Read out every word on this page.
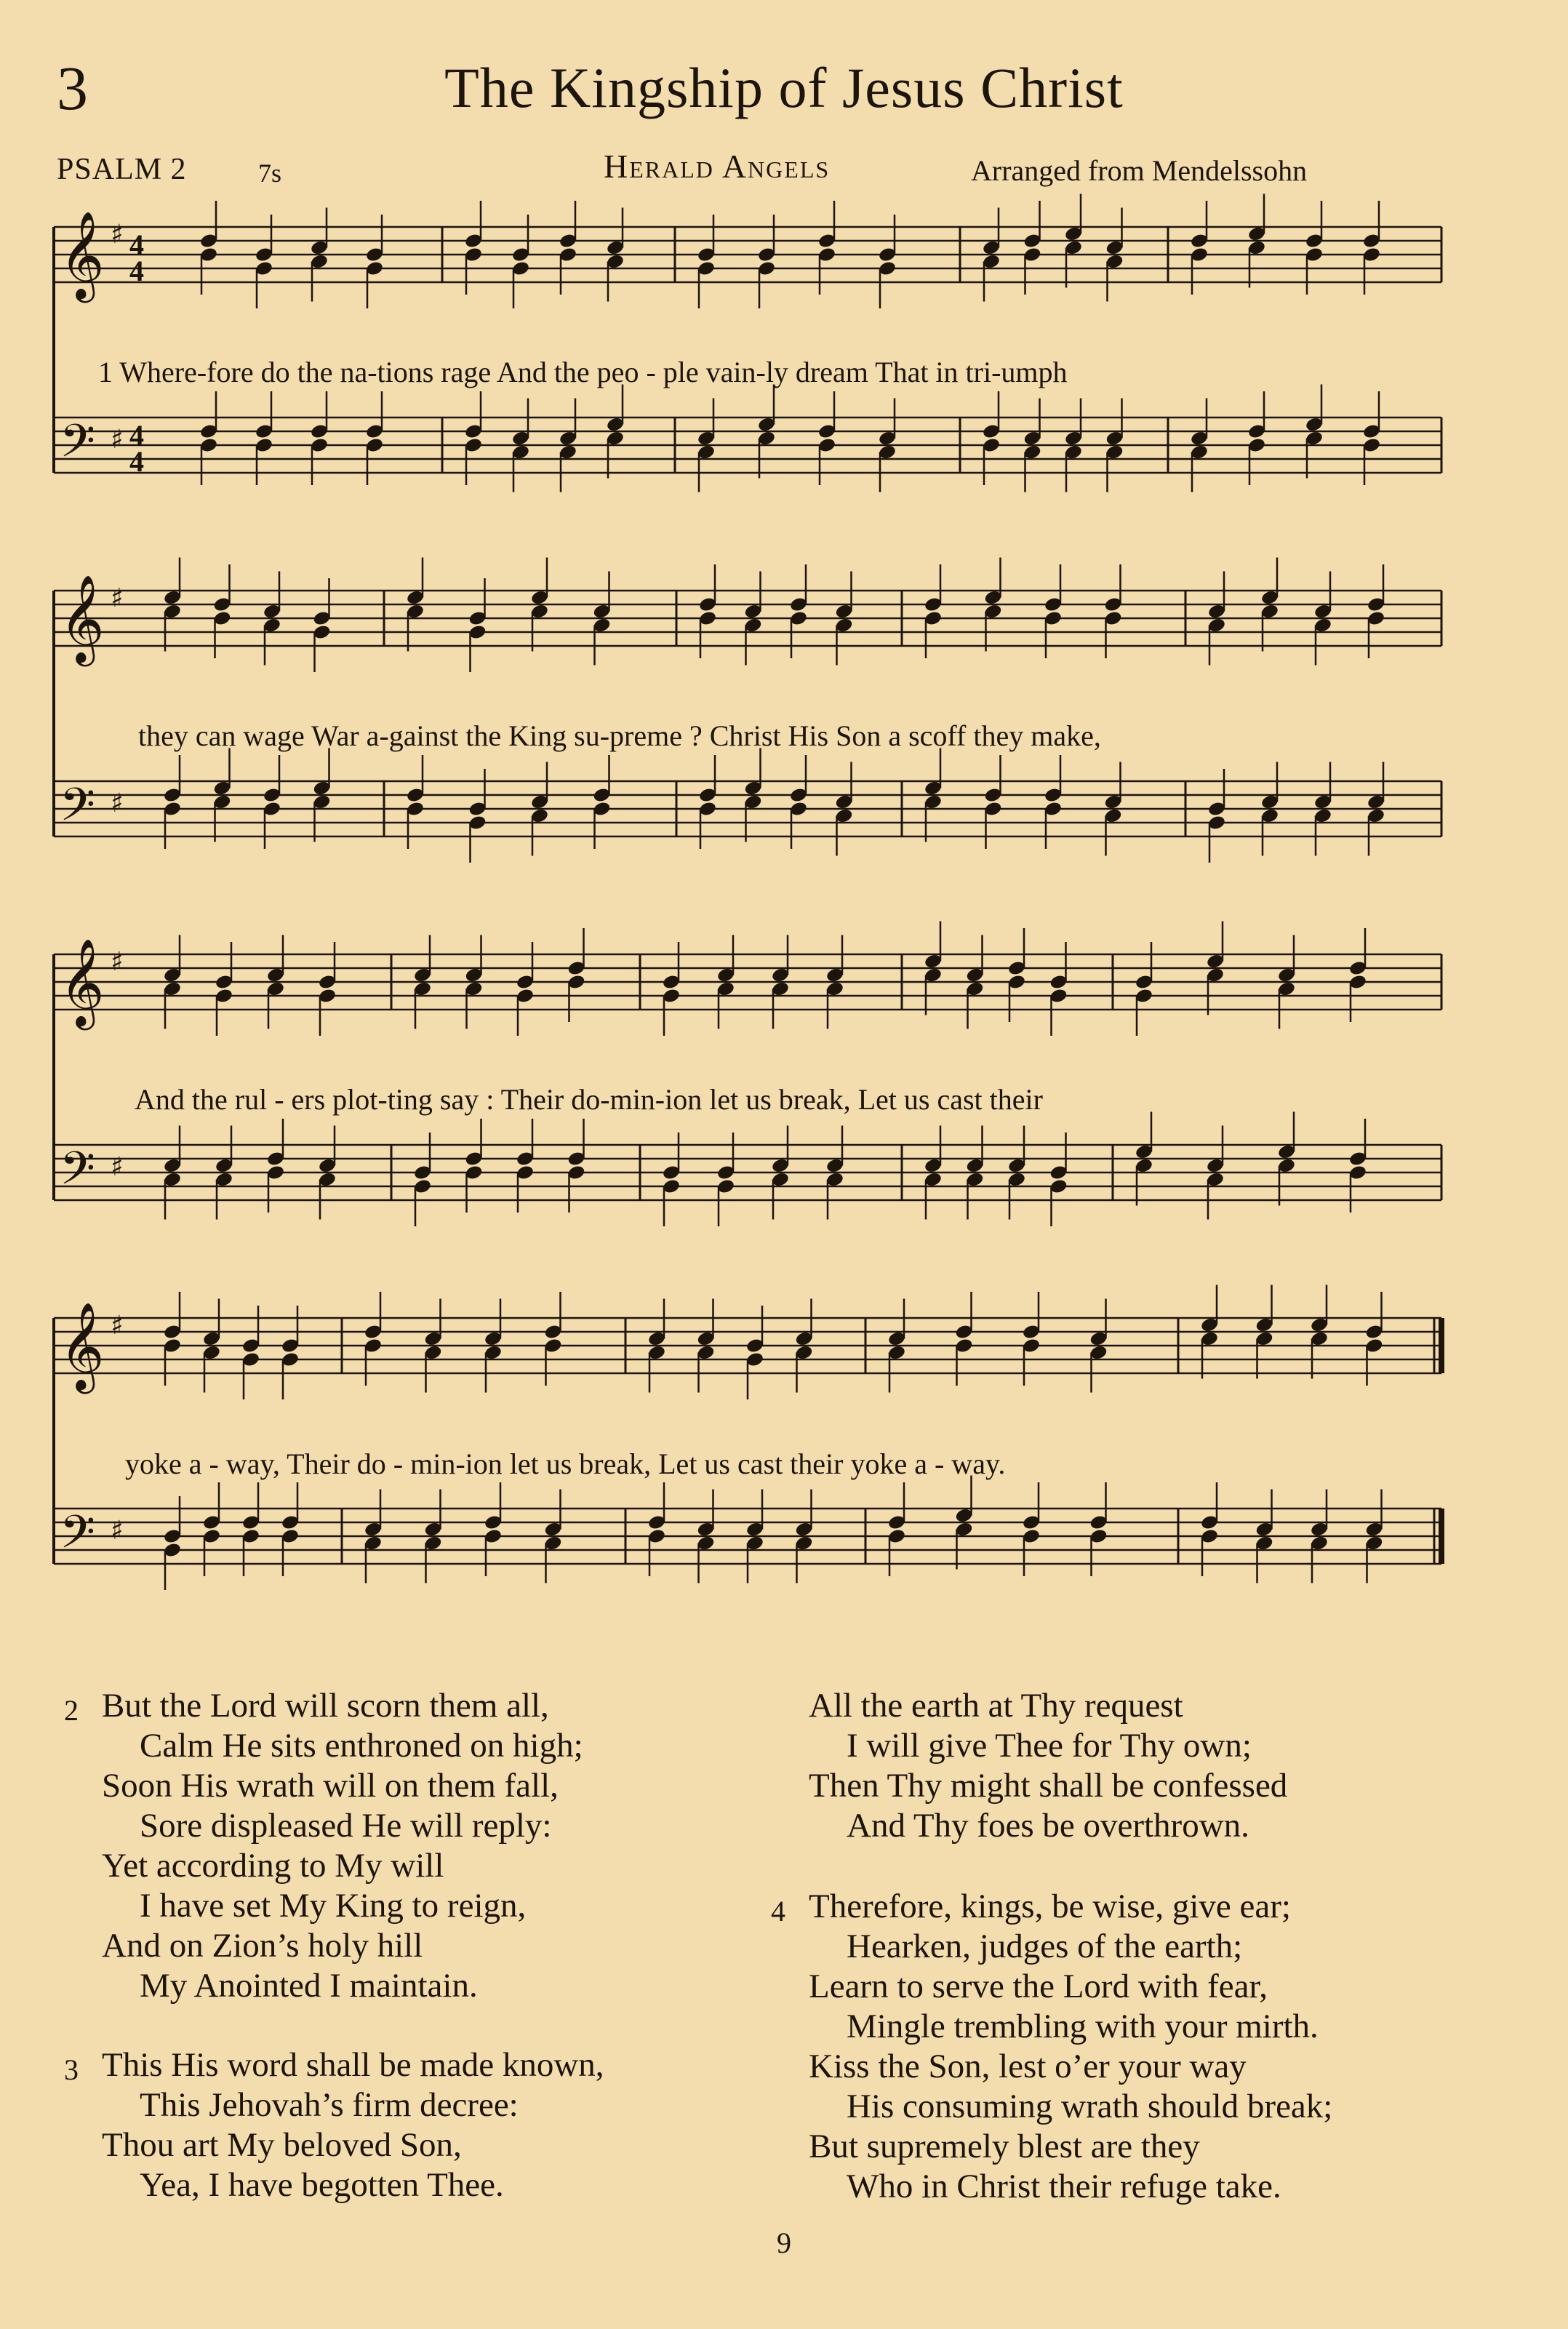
3	The Kingship of Jesus Christ
PSALM 2	7s	Herald Angels	Arranged from Mendelssohn
𝄞 ♯
𝄢 ♯
𝄞 ♯
𝄢 ♯
𝄞 ♯
𝄢 ♯
𝄞 ♯
𝄢 ♯
4
4
4
4
1 Where-fore do the na-tions rage And the peo - ple vain-ly dream That in tri-umph
they can wage War a-gainst the King su-preme ? Christ His Son a scoff they make,
And the rul - ers plot-ting say : Their do-min-ion let us break, Let us cast their
yoke a - way, Their do - min-ion let us break, Let us cast their yoke a - way.
2 But the Lord will scorn them all,
Calm He sits enthroned on high;
Soon His wrath will on them fall,
Sore displeased He will reply:
Yet according to My will
I have set My King to reign,
And on Zion’s holy hill
My Anointed I maintain.
3 This His word shall be made known,
This Jehovah’s firm decree:
Thou art My beloved Son,
Yea, I have begotten Thee.
All the earth at Thy request
I will give Thee for Thy own;
Then Thy might shall be confessed
And Thy foes be overthrown.
4 Therefore, kings, be wise, give ear;
Hearken, judges of the earth;
Learn to serve the Lord with fear,
Mingle trembling with your mirth.
Kiss the Son, lest o’er your way
His consuming wrath should break;
But supremely blest are they
Who in Christ their refuge take.
9
